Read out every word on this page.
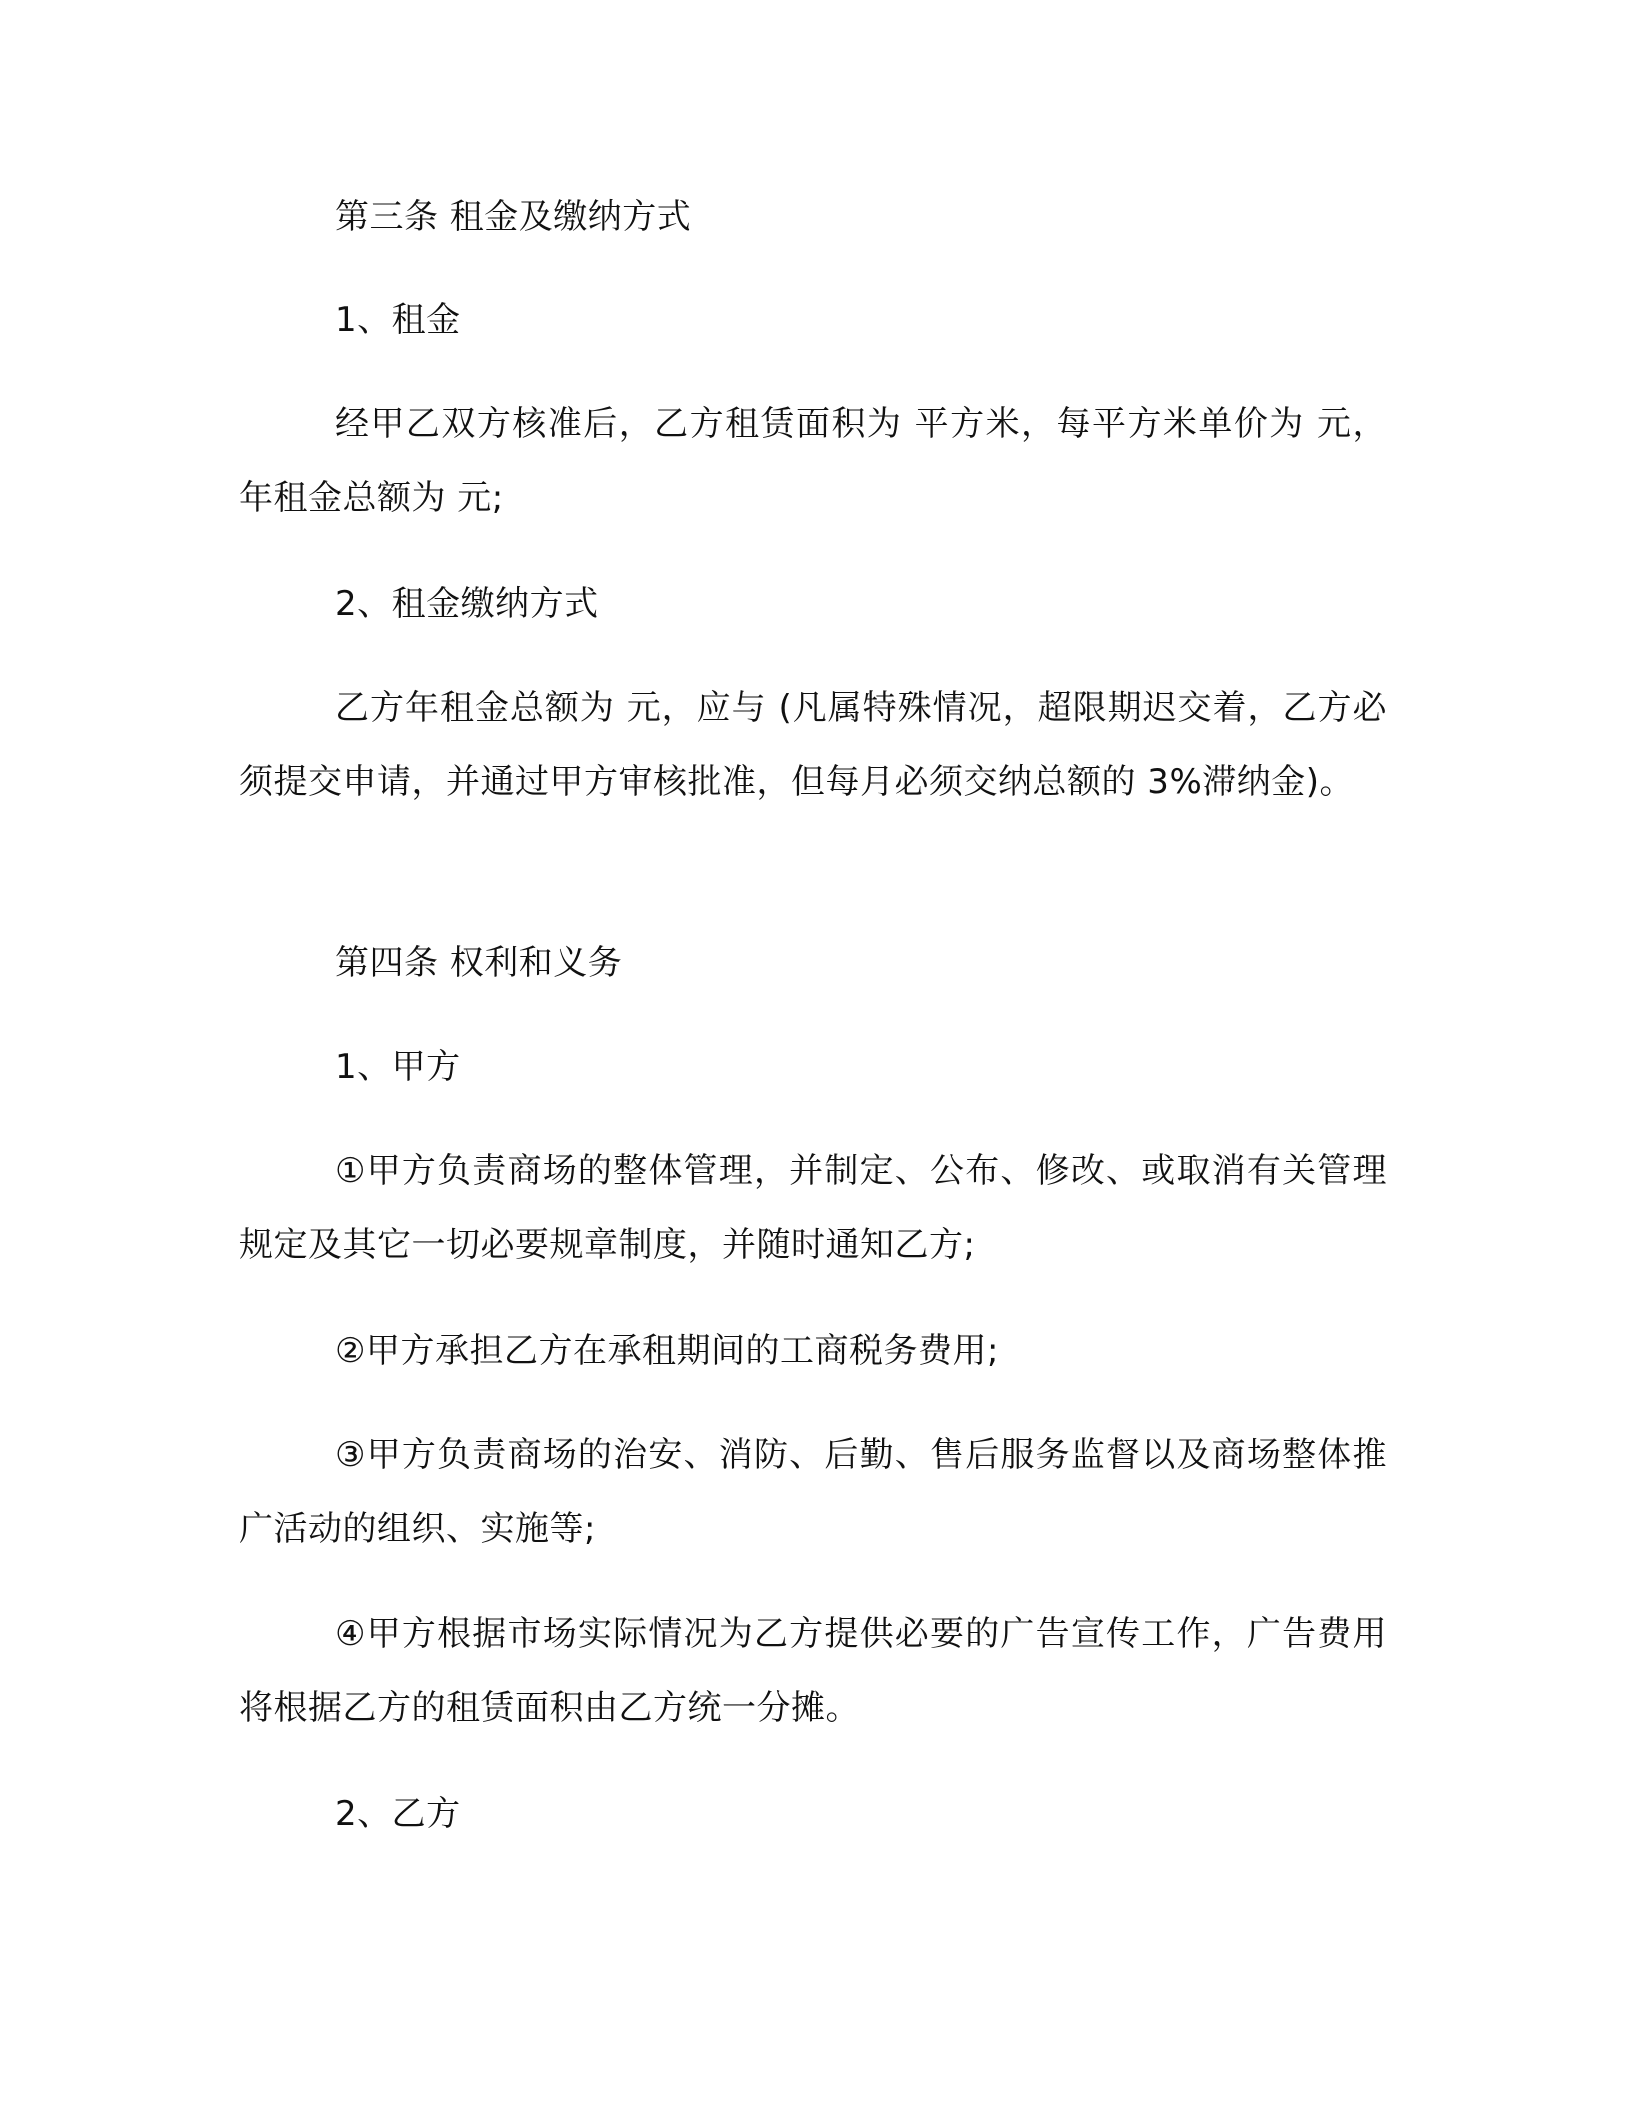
第三条 租金及缴纳方式

1、租金

经甲乙双方核准后，乙方租赁面积为 平方米，每平方米单价为 元，年租金总额为 元;

2、租金缴纳方式

乙方年租金总额为 元，应与 (凡属特殊情况，超限期迟交着，乙方必须提交申请，并通过甲方审核批准，但每月必须交纳总额的 3%滞纳金)。

第四条 权利和义务

1、甲方

①甲方负责商场的整体管理，并制定、公布、修改、或取消有关管理规定及其它一切必要规章制度，并随时通知乙方;

②甲方承担乙方在承租期间的工商税务费用;

③甲方负责商场的治安、消防、后勤、售后服务监督以及商场整体推广活动的组织、实施等;

④甲方根据市场实际情况为乙方提供必要的广告宣传工作，广告费用将根据乙方的租赁面积由乙方统一分摊。

2、乙方
